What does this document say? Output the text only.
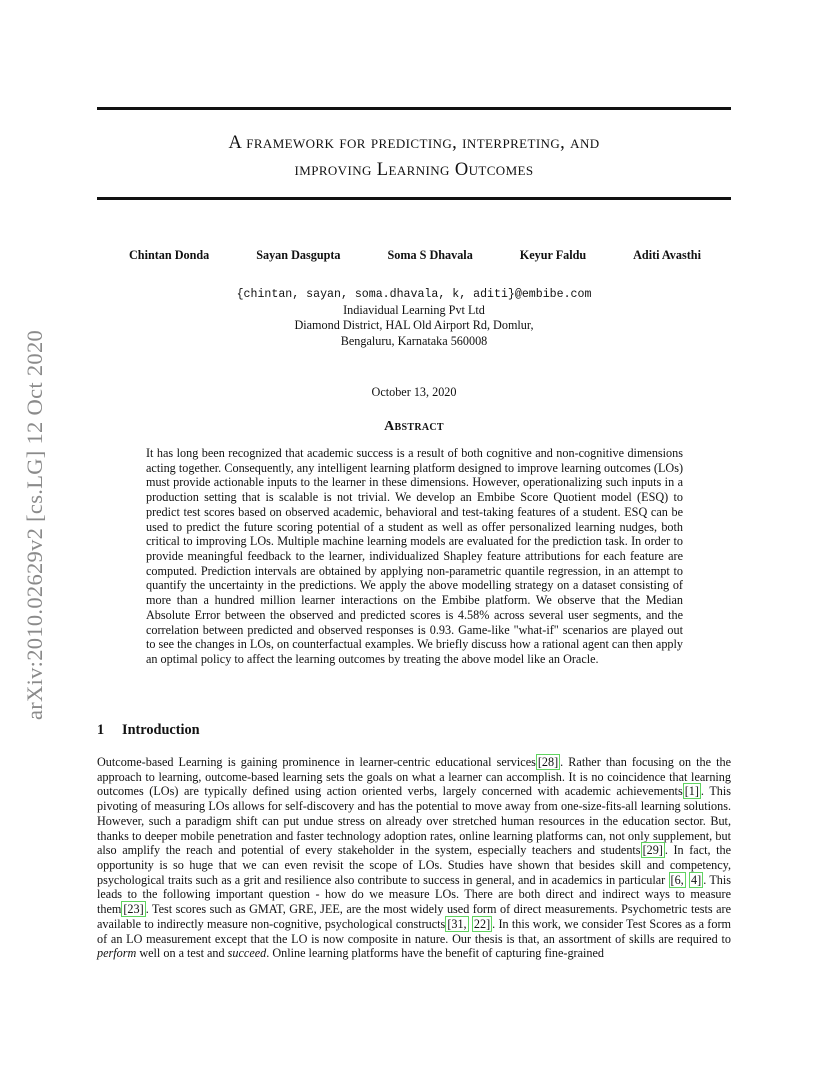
arXiv:2010.02629v2 [cs.LG] 12 Oct 2020
A framework for predicting, interpreting, and
improving Learning Outcomes
Chintan Donda	Sayan Dasgupta	Soma S Dhavala	Keyur Faldu	Aditi Avasthi
{chintan, sayan, soma.dhavala, k, aditi}@embibe.com
Indiavidual Learning Pvt Ltd
Diamond District, HAL Old Airport Rd, Domlur,
Bengaluru, Karnataka 560008
October 13, 2020
Abstract

It has long been recognized that academic success is a result of both cognitive and non-cognitive dimensions acting together. Consequently, any intelligent learning platform designed to improve learning outcomes (LOs) must provide actionable inputs to the learner in these dimensions. However, operationalizing such inputs in a production setting that is scalable is not trivial. We develop an Embibe Score Quotient model (ESQ) to predict test scores based on observed academic, behavioral and test-taking features of a student. ESQ can be used to predict the future scoring potential of a student as well as offer personalized learning nudges, both critical to improving LOs. Multiple machine learning models are evaluated for the prediction task. In order to provide meaningful feedback to the learner, individualized Shapley feature attributions for each feature are computed. Prediction intervals are obtained by applying non-parametric quantile regression, in an attempt to quantify the uncertainty in the predictions. We apply the above modelling strategy on a dataset consisting of more than a hundred million learner interactions on the Embibe platform. We observe that the Median Absolute Error between the observed and predicted scores is 4.58% across several user segments, and the correlation between predicted and observed responses is 0.93. Game-like "what-if" scenarios are played out to see the changes in LOs, on counterfactual examples. We briefly discuss how a rational agent can then apply an optimal policy to affect the learning outcomes by treating the above model like an Oracle.

1 Introduction

Outcome-based Learning is gaining prominence in learner-centric educational services [28] . Rather than focusing on the the approach to learning, outcome-based learning sets the goals on what a learner can accomplish. It is no coincidence that learning outcomes (LOs) are typically defined using action oriented verbs, largely concerned with academic achievements [1] . This pivoting of measuring LOs allows for self-discovery and has the potential to move away from one-size-fits-all learning solutions. However, such a paradigm shift can put undue stress on already over stretched human resources in the education sector. But, thanks to deeper mobile penetration and faster technology adoption rates, online learning platforms can, not only supplement, but also amplify the reach and potential of every stakeholder in the system, especially teachers and students [29] . In fact, the opportunity is so huge that we can even revisit the scope of LOs. Studies have shown that besides skill and competency, psychological traits such as a grit and resilience also contribute to success in general, and in academics in particular [6, 4] . This leads to the following important question - how do we measure LOs. There are both direct and indirect ways to measure them [23] . Test scores such as GMAT, GRE, JEE, are the most widely used form of direct measurements. Psychometric tests are available to indirectly measure non-cognitive, psychological constructs [31, 22] . In this work, we consider Test Scores as a form of an LO measurement except that the LO is now composite in nature. Our thesis is that, an assortment of skills are required to perform well on a test and succeed. Online learning platforms have the benefit of capturing fine-grained
